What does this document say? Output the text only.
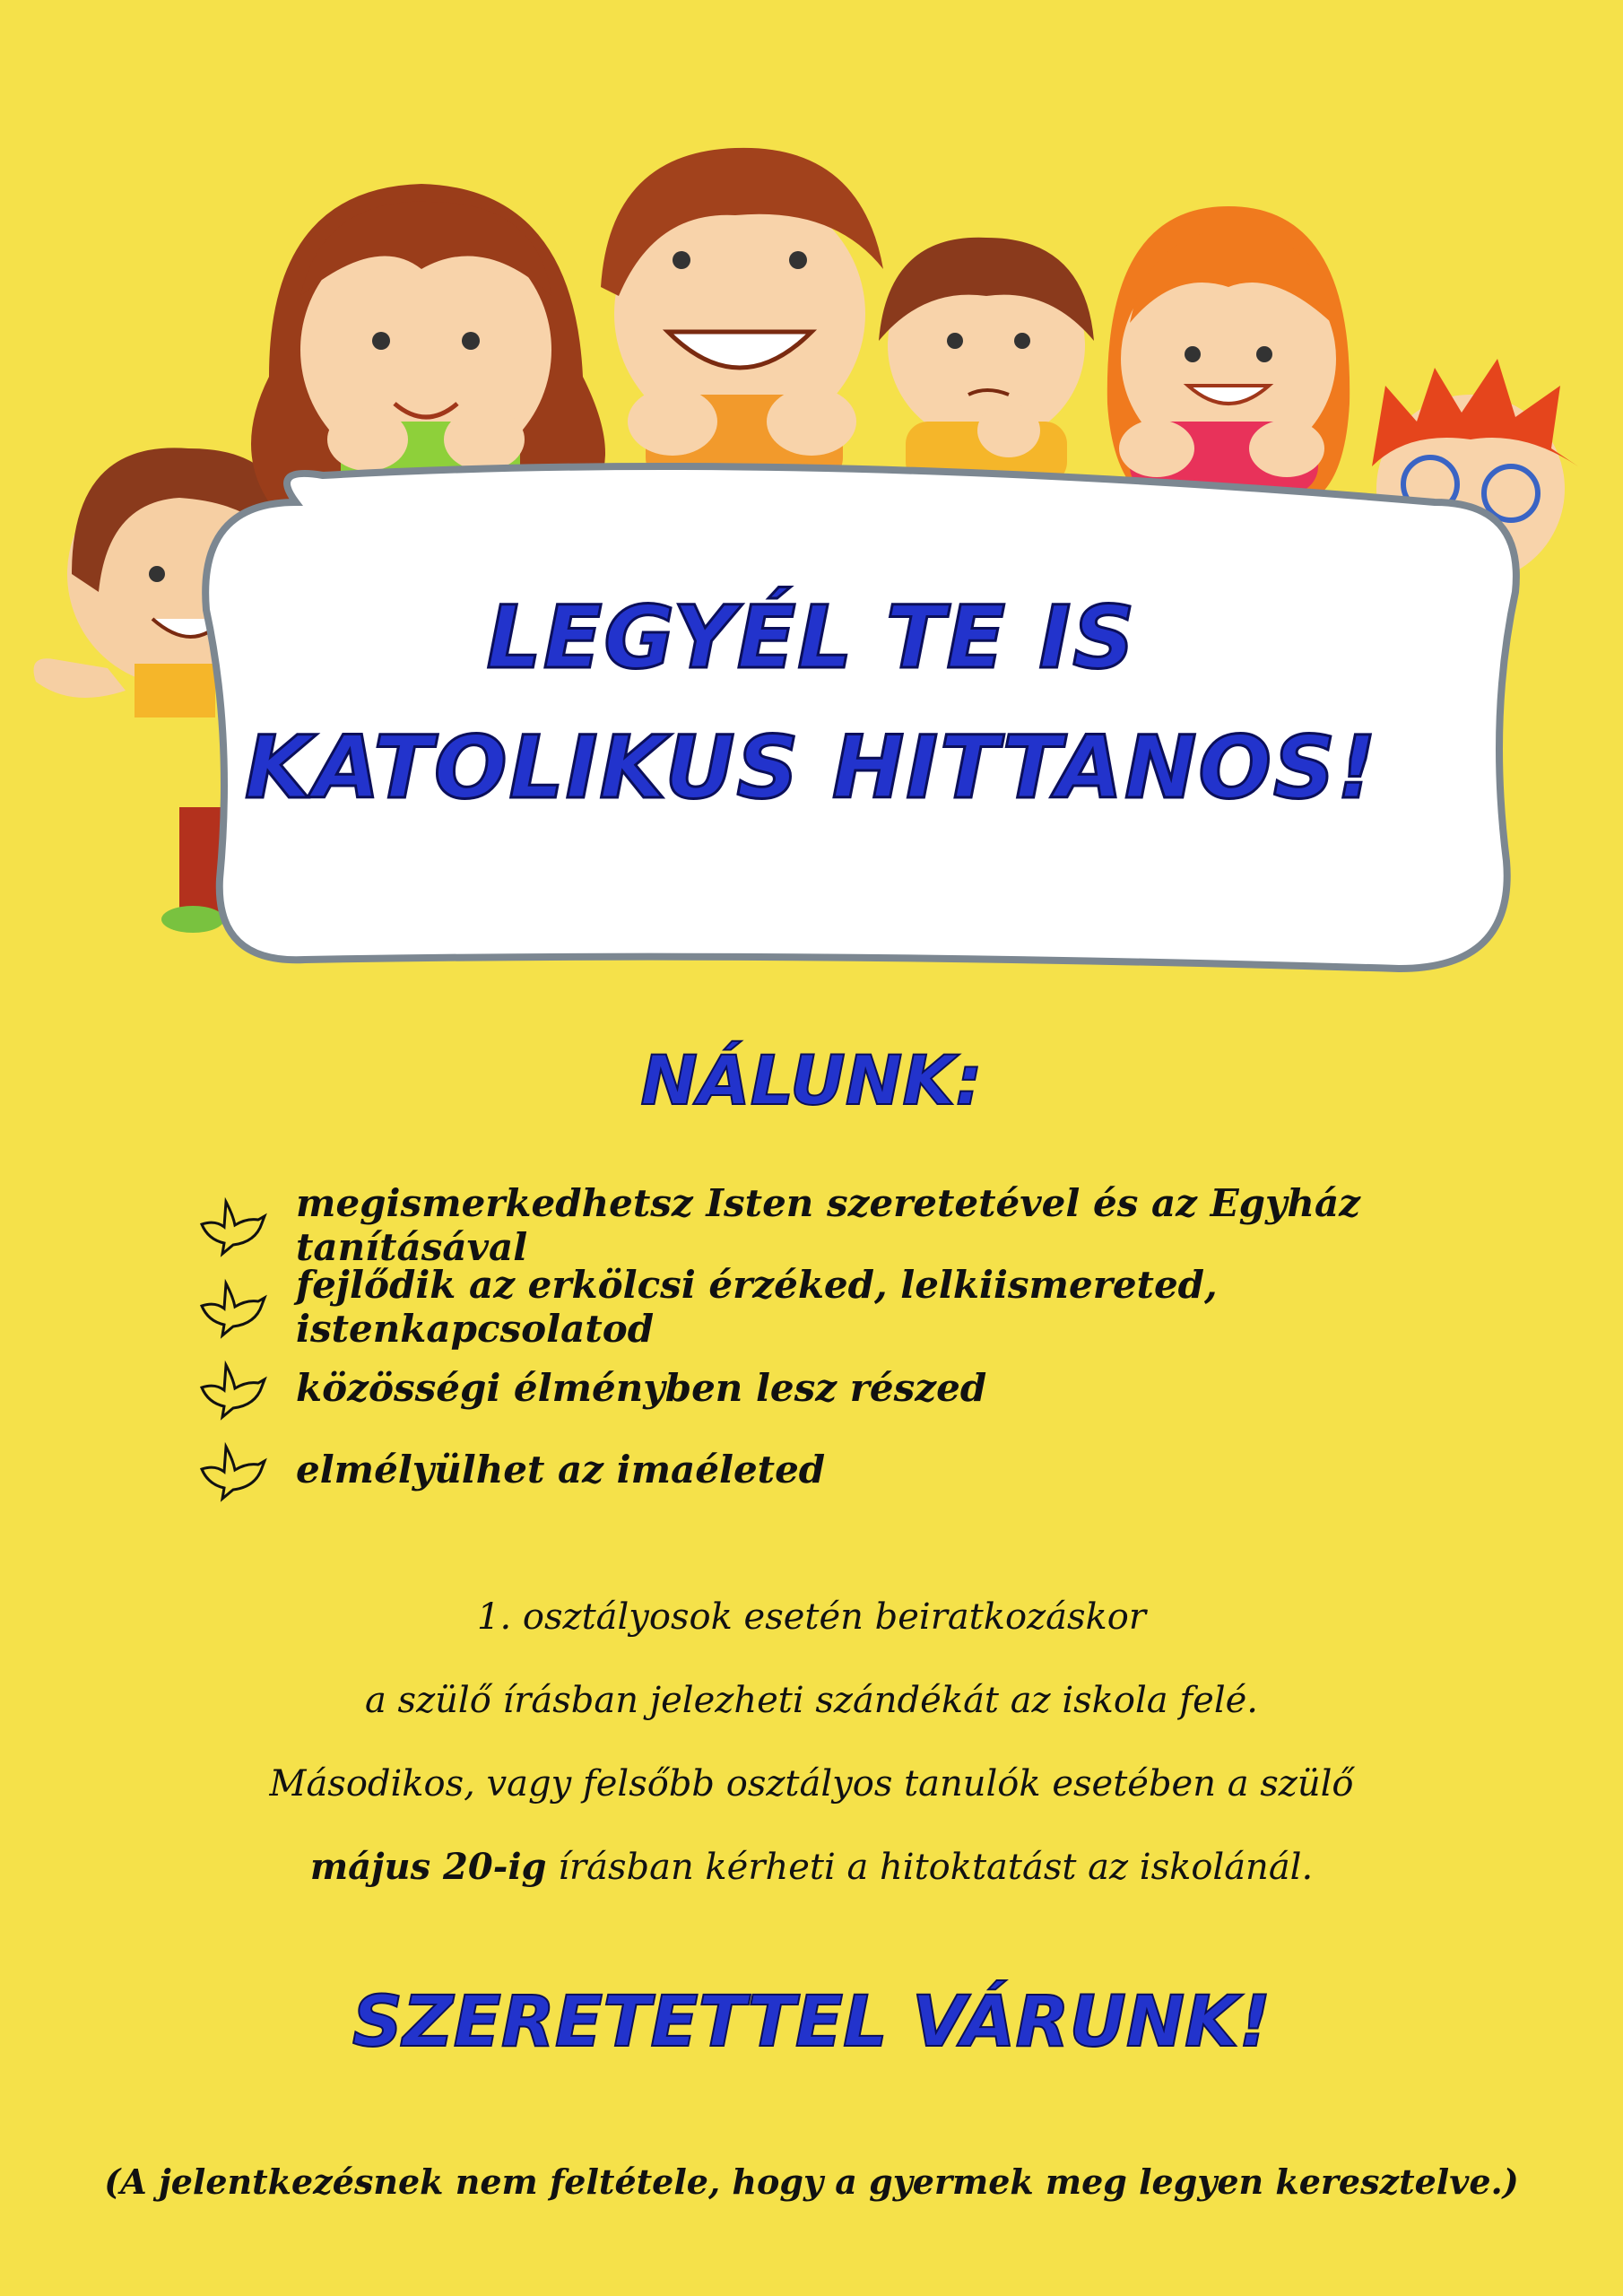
LEGYÉL TE IS

KATOLIKUS HITTANOS!

NÁLUNK:

megismerkedhetsz Isten szeretetével és az Egyház tanításával
fejlődik az erkölcsi érzéked, lelkiismereted, istenkapcsolatod
közösségi élményben lesz részed
elmélyülhet az imaéleted

1. osztályosok esetén beiratkozáskor

a szülő írásban jelezheti szándékát az iskola felé.

Másodikos, vagy felsőbb osztályos tanulók esetében a szülő

május 20-ig írásban kérheti a hitoktatást az iskolánál.

SZERETETTEL VÁRUNK!

(A jelentkezésnek nem feltétele, hogy a gyermek meg legyen keresztelve.)
